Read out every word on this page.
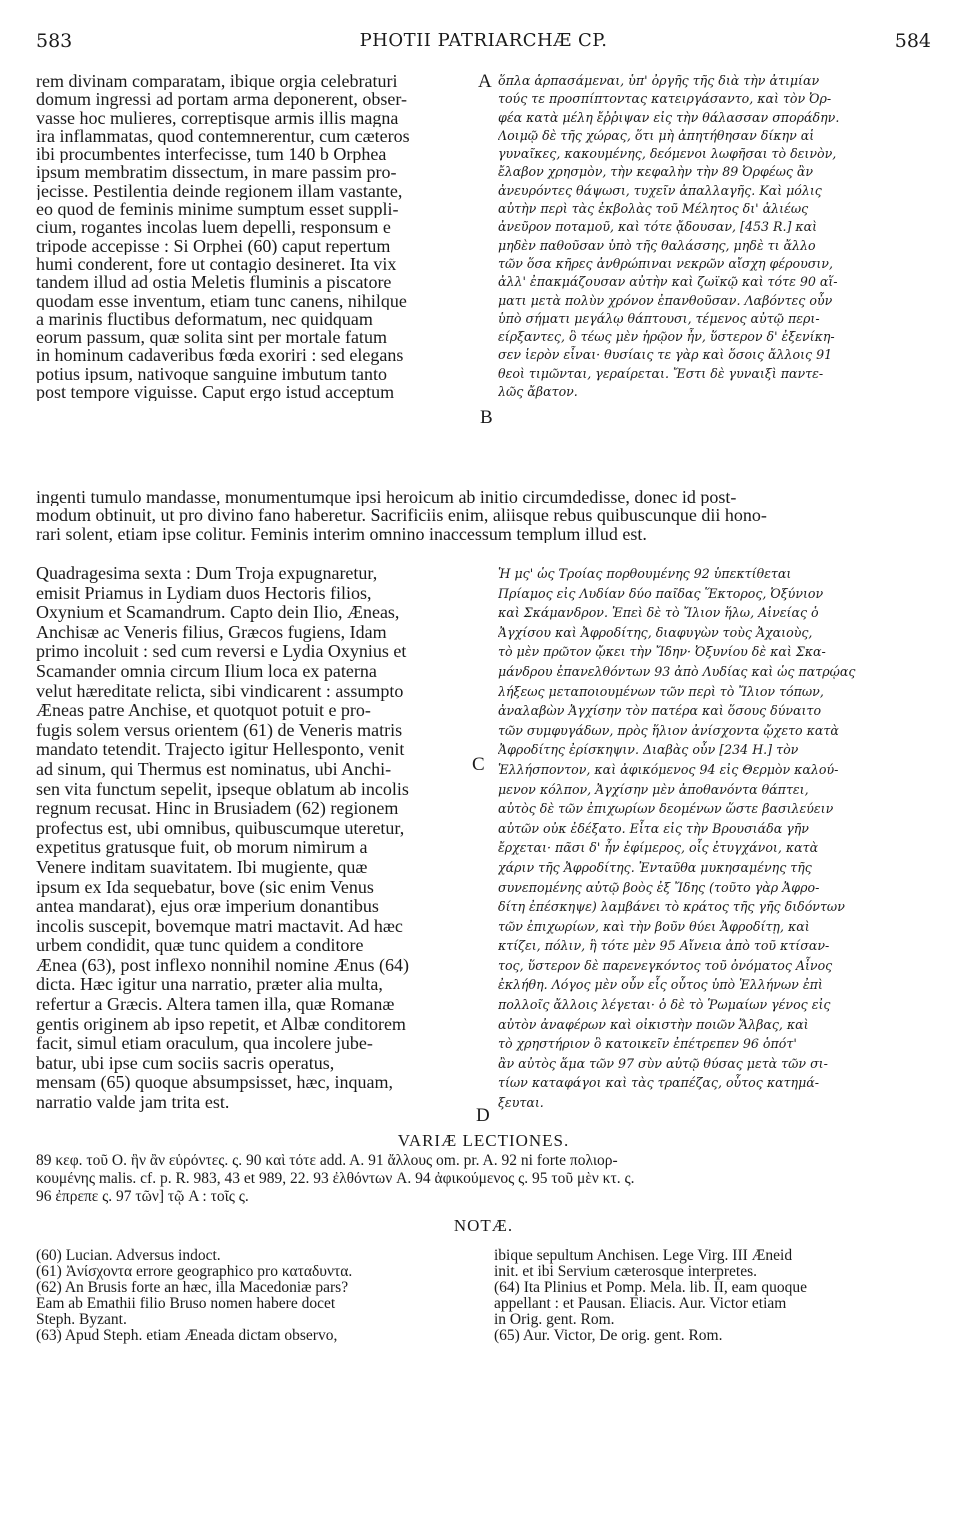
583	PHOTII PATRIARCHÆ CP.	584
rem divinam comparatam, ibique orgia celebraturi
domum ingressi ad portam arma deponerent, obser-
vasse hoc mulieres, correptisque armis illis magna
ira inflammatas, quod contemnerentur, cum cæteros
ibi procumbentes interfecisse, tum 140 b Orphea
ipsum membratim dissectum, in mare passim pro-
jecisse. Pestilentia deinde regionem illam vastante,
eo quod de feminis minime sumptum esset suppli-
cium, rogantes incolas luem depelli, responsum e
tripode accepisse : Si Orphei (60) caput repertum
humi conderent, fore ut contagio desineret. Ita vix
tandem illud ad ostia Meletis fluminis a piscatore
quodam esse inventum, etiam tunc canens, nihilque
a marinis fluctibus deformatum, nec quidquam
eorum passum, quæ solita sint per mortale fatum
in hominum cadaveribus fœda exoriri : sed elegans
potius ipsum, nativoque sanguine imbutum tanto
post tempore viguisse. Caput ergo istud acceptum
ὅπλα ἁρπασάμεναι, ὑπ' ὀργῆς τῆς διὰ τὴν ἀτιμίαν
τούς τε προσπίπτοντας κατειργάσαντο, καὶ τὸν Ὀρ-
φέα κατὰ μέλη ἔῤῥιψαν εἰς τὴν θάλασσαν σποράδην.
Λοιμῷ δὲ τῆς χώρας, ὅτι μὴ ἀπητήθησαν δίκην αἱ
γυναῖκες, κακουμένης, δεόμενοι λωφῆσαι τὸ δεινὸν,
ἔλαβον χρησμὸν, τὴν κεφαλὴν τὴν 89 Ὀρφέως ἂν
ἀνευρόντες θάψωσι, τυχεῖν ἀπαλλαγῆς. Καὶ μόλις
αὐτὴν περὶ τὰς ἐκβολὰς τοῦ Μέλητος δι' ἁλιέως
ἀνεῦρον ποταμοῦ, καὶ τότε ᾄδουσαν, [453 R.] καὶ
μηδὲν παθοῦσαν ὑπὸ τῆς θαλάσσης, μηδὲ τι ἄλλο
τῶν ὅσα κῆρες ἀνθρώπιναι νεκρῶν αἴσχη φέρουσιν,
ἀλλ' ἐπακμάζουσαν αὐτὴν καὶ ζωϊκῷ καὶ τότε 90 αἵ-
ματι μετὰ πολὺν χρόνον ἐπανθοῦσαν. Λαβόντες οὖν
ὑπὸ σήματι μεγάλῳ θάπτουσι, τέμενος αὐτῷ περι-
είρξαντες, ὃ τέως μὲν ἡρῷον ἦν, ὕστερον δ' ἐξενίκη-
σεν ἱερὸν εἶναι· θυσίαις τε γὰρ καὶ ὅσοις ἄλλοις 91
θεοὶ τιμῶνται, γεραίρεται. Ἔστι δὲ γυναιξὶ παντε-
λῶς ἄβατον.
ingenti tumulo mandasse, monumentumque ipsi heroicum ab initio circumdedisse, donec id post-
modum obtinuit, ut pro divino fano haberetur. Sacrificiis enim, aliisque rebus quibuscunque dii hono-
rari solent, etiam ipse colitur. Feminis interim omnino inaccessum templum illud est.
Quadragesima sexta : Dum Troja expugnaretur,
emisit Priamus in Lydiam duos Hectoris filios,
Oxynium et Scamandrum. Capto dein Ilio, Æneas,
Anchisæ ac Veneris filius, Græcos fugiens, Idam
primo incoluit : sed cum reversi e Lydia Oxynius et
Scamander omnia circum Ilium loca ex paterna
velut hæreditate relicta, sibi vindicarent : assumpto
Æneas patre Anchise, et quotquot potuit e pro-
fugis solem versus orientem (61) de Veneris matris
mandato tetendit. Trajecto igitur Hellesponto, venit
ad sinum, qui Thermus est nominatus, ubi Anchi-
sen vita functum sepelit, ipseque oblatum ab incolis
regnum recusat. Hinc in Brusiadem (62) regionem
profectus est, ubi omnibus, quibuscumque uteretur,
expetitus gratusque fuit, ob morum nimirum a
Venere inditam suavitatem. Ibi mugiente, quæ
ipsum ex Ida sequebatur, bove (sic enim Venus
antea mandarat), ejus oræ imperium donantibus
incolis suscepit, bovemque matri mactavit. Ad hæc
urbem condidit, quæ tunc quidem a conditore
Ænea (63), post inflexo nonnihil nomine Ænus (64)
dicta. Hæc igitur una narratio, præter alia multa,
refertur a Græcis. Altera tamen illa, quæ Romanæ
gentis originem ab ipso repetit, et Albæ conditorem
facit, simul etiam oraculum, qua incolere jube-
batur, ubi ipse cum sociis sacris operatus,
mensam (65) quoque absumpsisset, hæc, inquam,
narratio valde jam trita est.
Ἡ μς' ὡς Τροίας πορθουμένης 92 ὑπεκτίθεται
Πρίαμος εἰς Λυδίαν δύο παῖδας Ἕκτορος, Ὀξύνιον
καὶ Σκάμανδρον. Ἐπεὶ δὲ τὸ Ἴλιον ἥλω, Αἰνείας ὁ
Ἀγχίσου καὶ Ἀφροδίτης, διαφυγὼν τοὺς Ἀχαιοὺς,
τὸ μὲν πρῶτον ᾤκει τὴν Ἴδην· Ὀξυνίου δὲ καὶ Σκα-
μάνδρου ἐπανελθόντων 93 ἀπὸ Λυδίας καὶ ὡς πατρῴας
λήξεως μεταποιουμένων τῶν περὶ τὸ Ἴλιον τόπων,
ἀναλαβὼν Ἀγχίσην τὸν πατέρα καὶ ὅσους δύναιτο
τῶν συμφυγάδων, πρὸς ἥλιον ἀνίσχοντα ᾤχετο κατὰ
Ἀφροδίτης ἐρίσκηψιν. Διαβὰς οὖν [234 H.] τὸν
Ἑλλήσποντον, καὶ ἀφικόμενος 94 εἰς Θερμὸν καλού-
μενον κόλπον, Ἀγχίσην μὲν ἀποθανόντα θάπτει,
αὐτὸς δὲ τῶν ἐπιχωρίων δεομένων ὥστε βασιλεύειν
αὐτῶν οὐκ ἐδέξατο. Εἶτα εἰς τὴν Βρουσιάδα γῆν
ἔρχεται· πᾶσι δ' ἦν ἐφίμερος, οἷς ἐτυγχάνοι, κατὰ
χάριν τῆς Ἀφροδίτης. Ἐνταῦθα μυκησαμένης τῆς
συνεπομένης αὐτῷ βοὸς ἐξ Ἴδης (τοῦτο γὰρ Ἀφρο-
δίτη ἐπέσκηψε) λαμβάνει τὸ κράτος τῆς γῆς διδόντων
τῶν ἐπιχωρίων, καὶ τὴν βοῦν θύει Ἀφροδίτῃ, καὶ
κτίζει, πόλιν, ἣ τότε μὲν 95 Αἴνεια ἀπὸ τοῦ κτίσαν-
τος, ὕστερον δὲ παρενεγκόντος τοῦ ὀνόματος Αἶνος
ἐκλήθη. Λόγος μὲν οὖν εἷς οὗτος ὑπὸ Ἑλλήνων ἐπὶ
πολλοῖς ἄλλοις λέγεται· ὁ δὲ τὸ Ῥωμαίων γένος εἰς
αὐτὸν ἀναφέρων καὶ οἰκιστὴν ποιῶν Ἄλβας, καὶ
τὸ χρηστήριον ὃ κατοικεῖν ἐπέτρεπεν 96 ὁπότ'
ἂν αὐτὸς ἅμα τῶν 97 σὺν αὐτῷ θύσας μετὰ τῶν σι-
τίων καταφάγοι καὶ τὰς τραπέζας, οὗτος κατημά-
ξευται.
A
B
C
D
VARIÆ LECTIONES.
89 κεφ. τοῦ O. ἣν ἂν εὑρόντες. ς. 90 καὶ τότε add. A. 91 ἄλλους om. pr. A. 92 ni forte πολιορ-
κουμένης malis. cf. p. R. 983, 43 et 989, 22. 93 ἐλθόντων A. 94 ἀφικούμενος ς. 95 τοῦ μὲν κτ. ς.
96 ἐπρεπε ς. 97 τῶν] τῷ A : τοῖς ς.
NOTÆ.
(60) Lucian. Adversus indoct.
(61) Ἀνίσχοντα errore geographico pro καταδυντα.
(62) An Brusis forte an hæc, illa Macedoniæ pars?
Eam ab Emathii filio Bruso nomen habere docet
Steph. Byzant.
(63) Apud Steph. etiam Æneada dictam observo,
ibique sepultum Anchisen. Lege Virg. III Æneid
init. et ibi Servium cæterosque interpretes.
(64) Ita Plinius et Pomp. Mela. lib. II, eam quoque
appellant : et Pausan. Eliacis. Aur. Victor etiam
in Orig. gent. Rom.
(65) Aur. Victor, De orig. gent. Rom.
